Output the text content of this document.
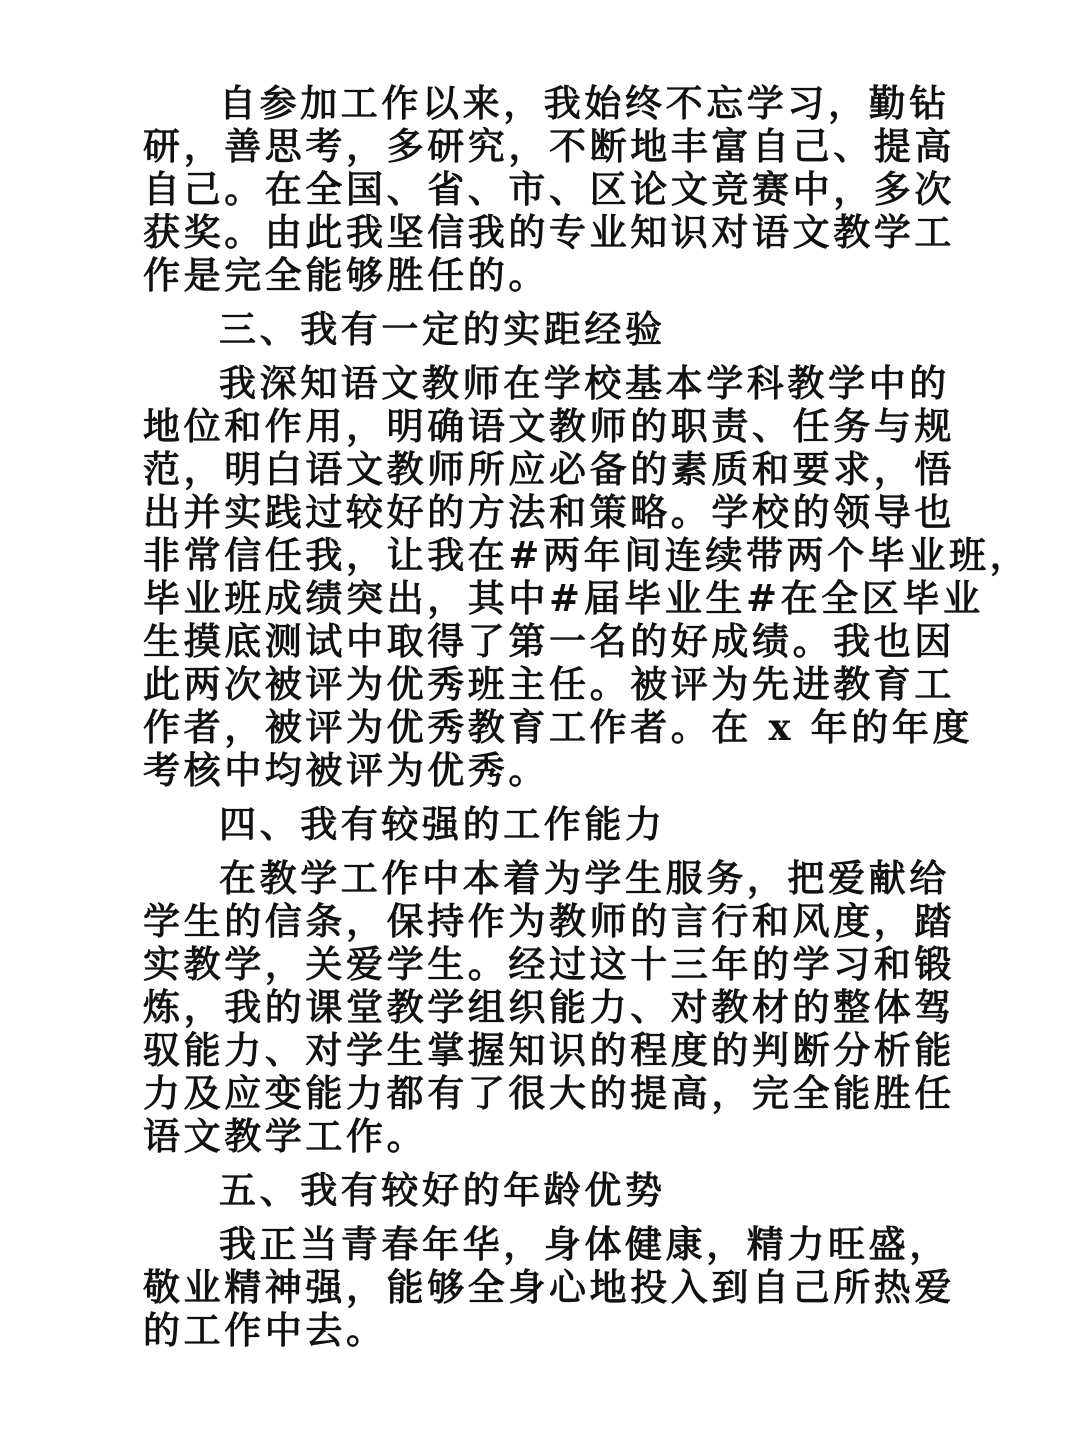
自参加工作以来，我始终不忘学习，勤钻
研，善思考，多研究，不断地丰富自己、提高
自己。在全国、省、市、区论文竞赛中，多次
获奖。由此我坚信我的专业知识对语文教学工
作是完全能够胜任的。
三、我有一定的实距经验
我深知语文教师在学校基本学科教学中的
地位和作用，明确语文教师的职责、任务与规
范，明白语文教师所应必备的素质和要求，悟
出并实践过较好的方法和策略。学校的领导也
非常信任我，让我在#两年间连续带两个毕业班，
毕业班成绩突出，其中#届毕业生#在全区毕业
生摸底测试中取得了第一名的好成绩。我也因
此两次被评为优秀班主任。被评为先进教育工
作者，被评为优秀教育工作者。在 x 年的年度
考核中均被评为优秀。
四、我有较强的工作能力
在教学工作中本着为学生服务，把爱献给
学生的信条，保持作为教师的言行和风度，踏
实教学，关爱学生。经过这十三年的学习和锻
炼，我的课堂教学组织能力、对教材的整体驾
驭能力、对学生掌握知识的程度的判断分析能
力及应变能力都有了很大的提高，完全能胜任
语文教学工作。
五、我有较好的年龄优势
我正当青春年华，身体健康，精力旺盛，
敬业精神强，能够全身心地投入到自己所热爱
的工作中去。
